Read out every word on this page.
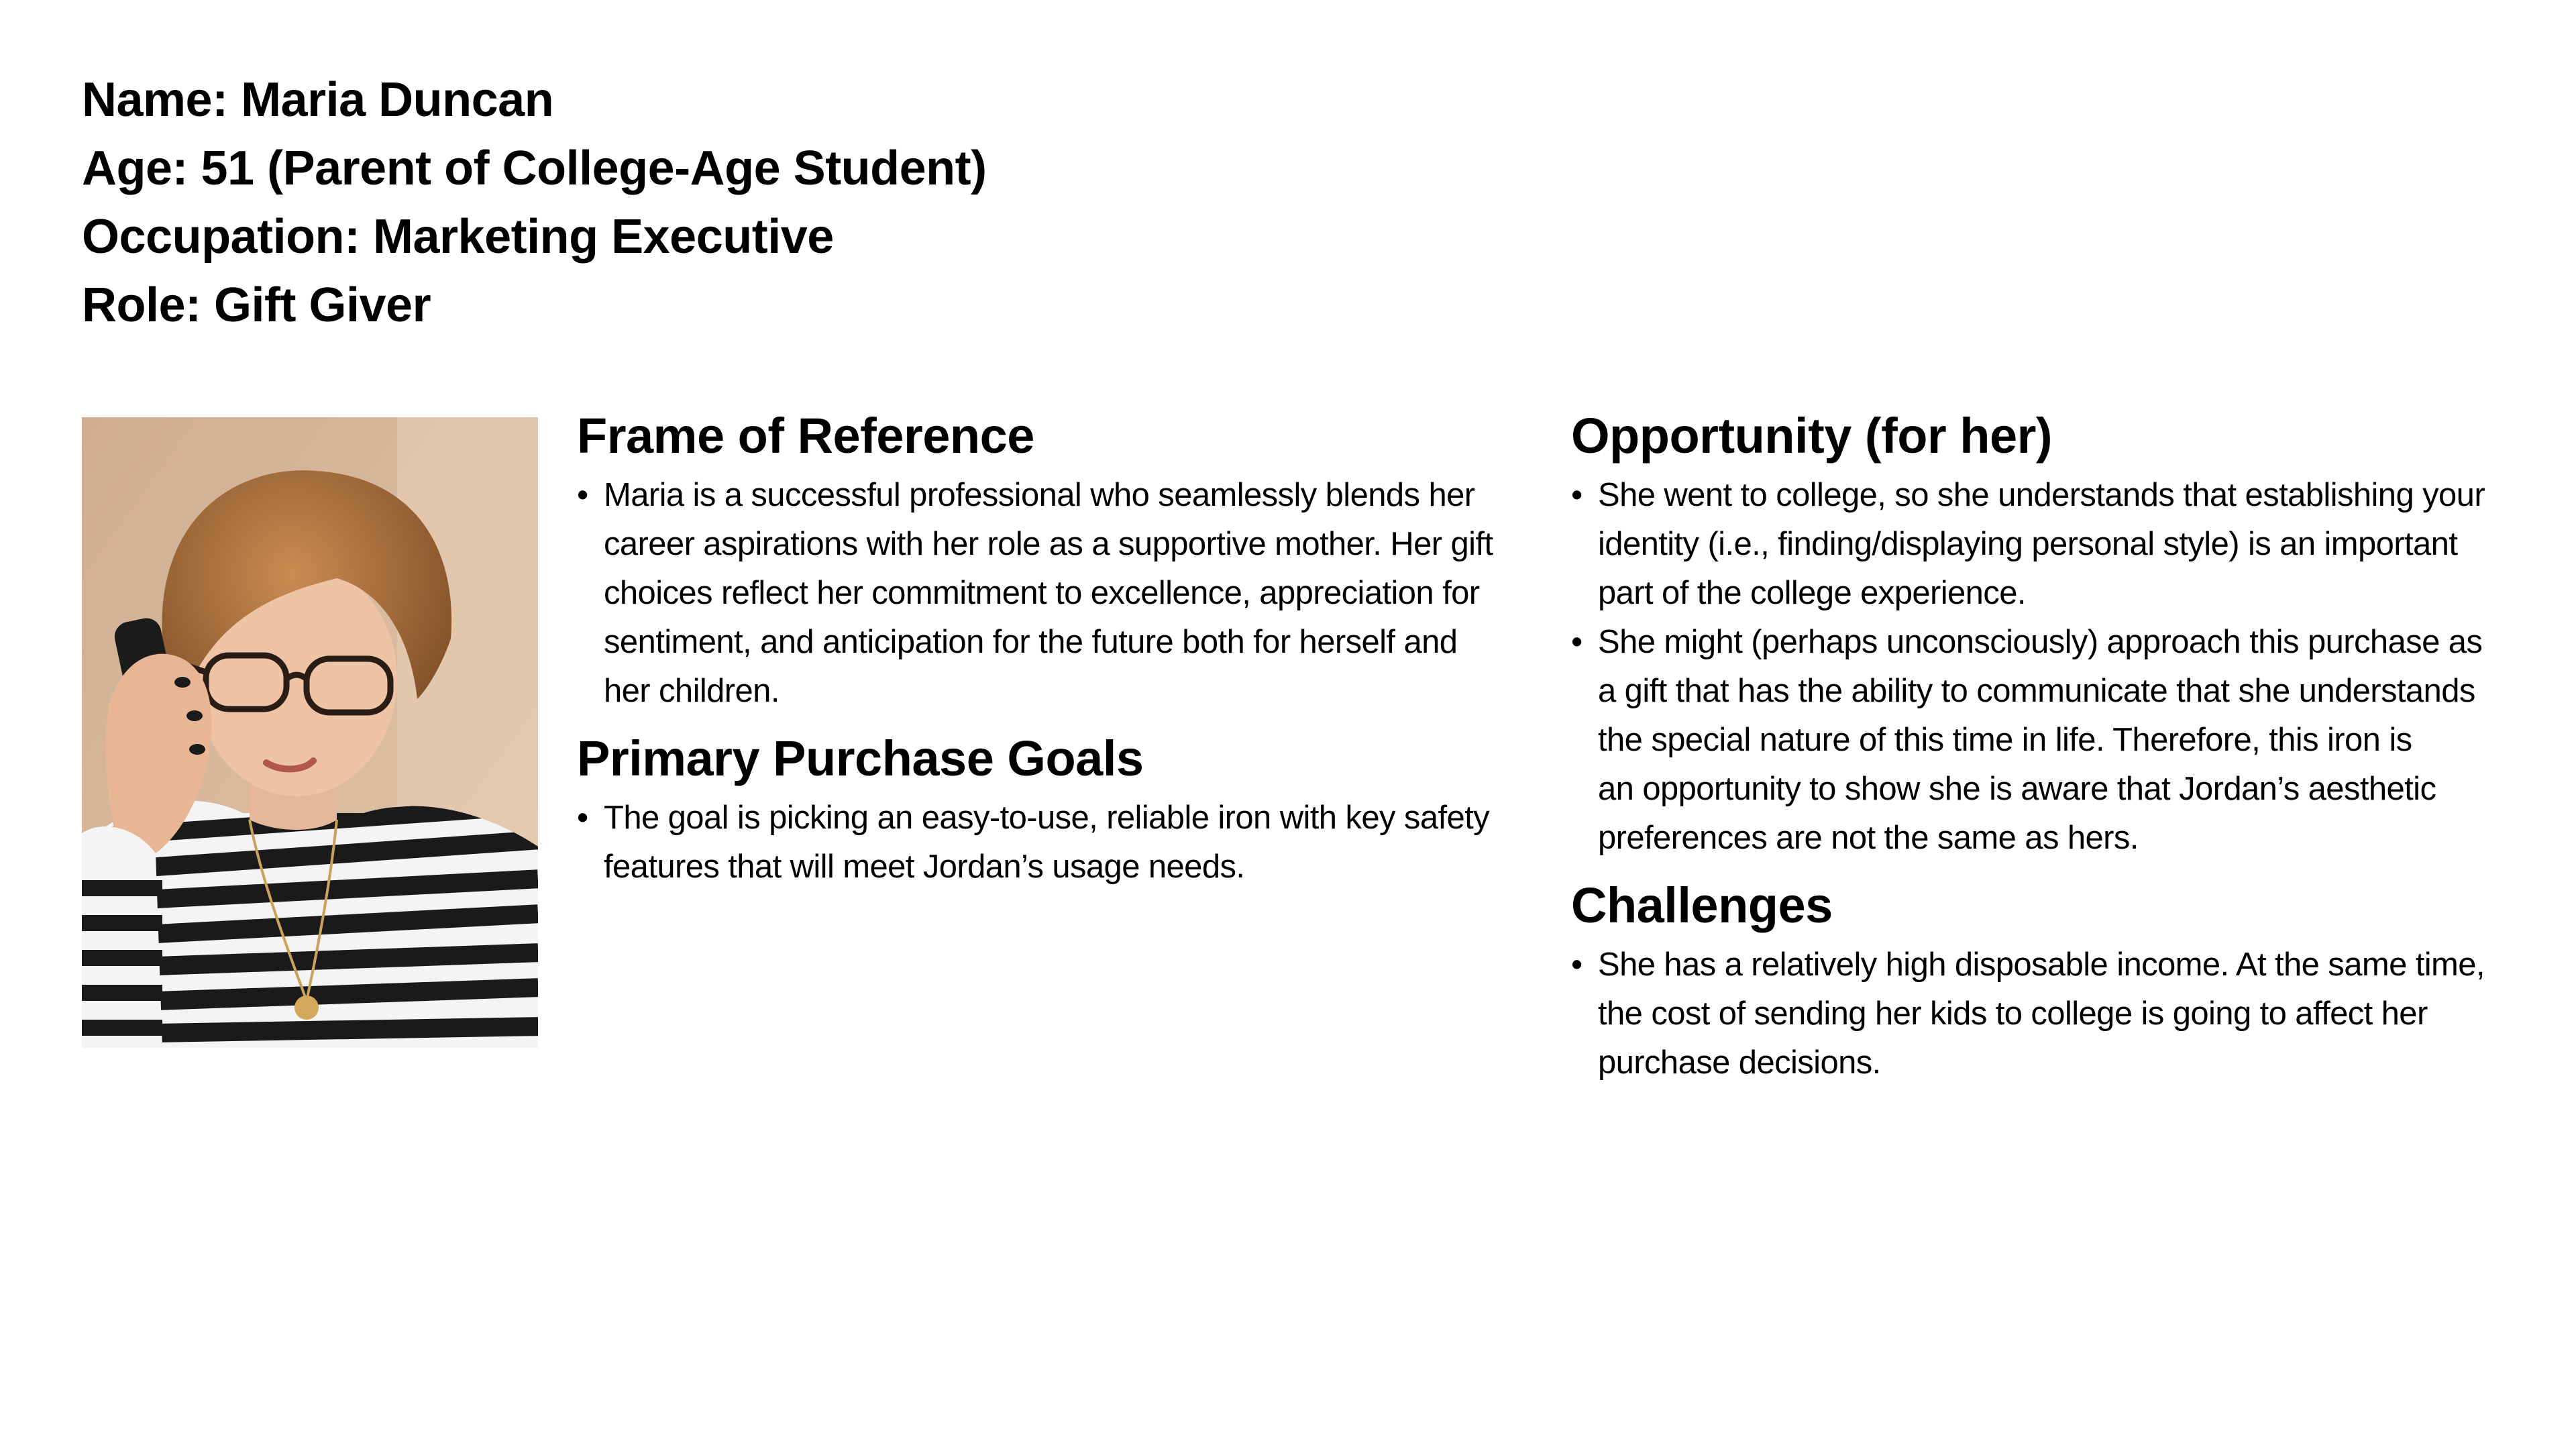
Name: Maria Duncan
Age: 51 (Parent of College-Age Student)
Occupation: Marketing Executive
Role: Gift Giver
Frame of Reference
• Maria is a successful professional who seamlessly blends her
career aspirations with her role as a supportive mother. Her gift
choices reflect her commitment to excellence, appreciation for
sentiment, and anticipation for the future both for herself and
her children.
Primary Purchase Goals
• The goal is picking an easy-to-use, reliable iron with key safety
features that will meet Jordan’s usage needs.
Opportunity (for her)
• She went to college, so she understands that establishing your
identity (i.e., finding/displaying personal style) is an important
part of the college experience.
• She might (perhaps unconsciously) approach this purchase as
a gift that has the ability to communicate that she understands
the special nature of this time in life. Therefore, this iron is
an opportunity to show she is aware that Jordan’s aesthetic
preferences are not the same as hers.
Challenges
• She has a relatively high disposable income. At the same time,
the cost of sending her kids to college is going to affect her
purchase decisions.
